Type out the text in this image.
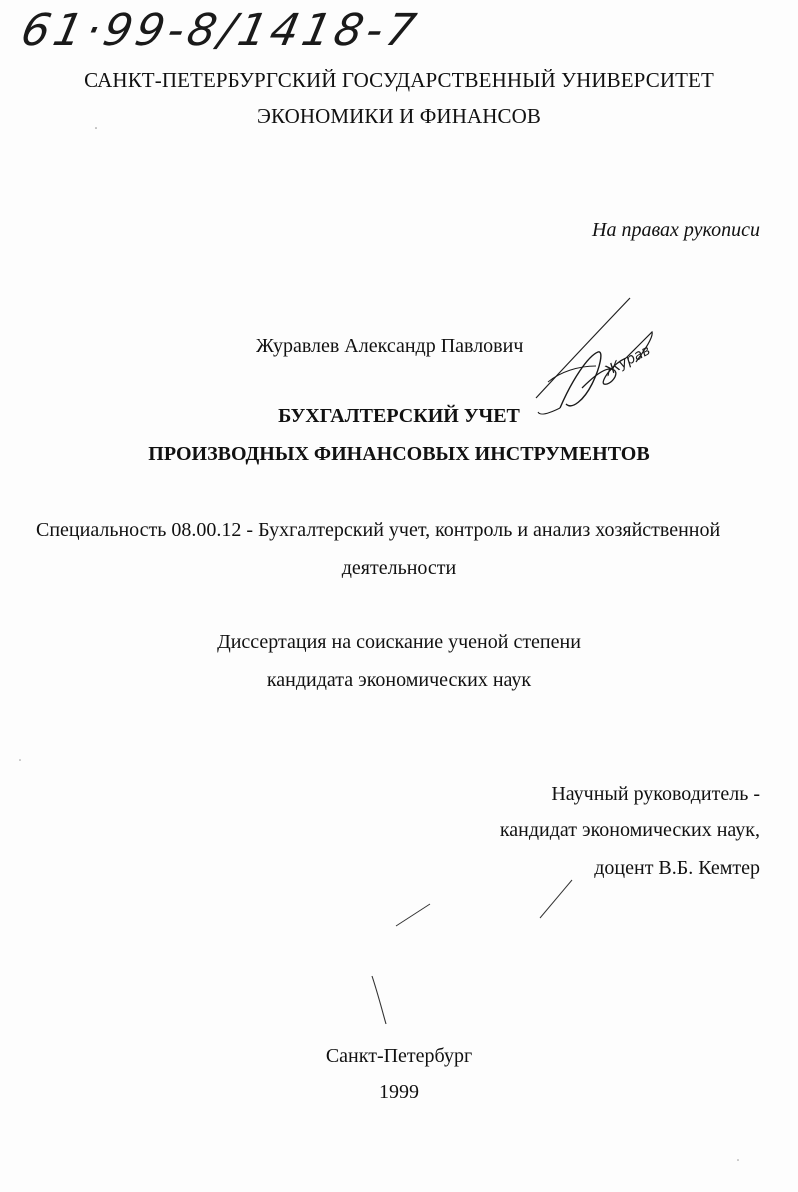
61·99-8/1418-7
САНКТ-ПЕТЕРБУРГСКИЙ ГОСУДАРСТВЕННЫЙ УНИВЕРСИТЕТ
ЭКОНОМИКИ И ФИНАНСОВ
На правах рукописи
Журавлев Александр Павлович
БУХГАЛТЕРСКИЙ УЧЕТ
ПРОИЗВОДНЫХ ФИНАНСОВЫХ ИНСТРУМЕНТОВ
Специальность 08.00.12 - Бухгалтерский учет, контроль и анализ хозяйственной
деятельности
Диссертация на соискание ученой степени
кандидата экономических наук
Научный руководитель -
кандидат экономических наук,
доцент В.Б. Кемтер
Санкт-Петербург
1999
Журав
